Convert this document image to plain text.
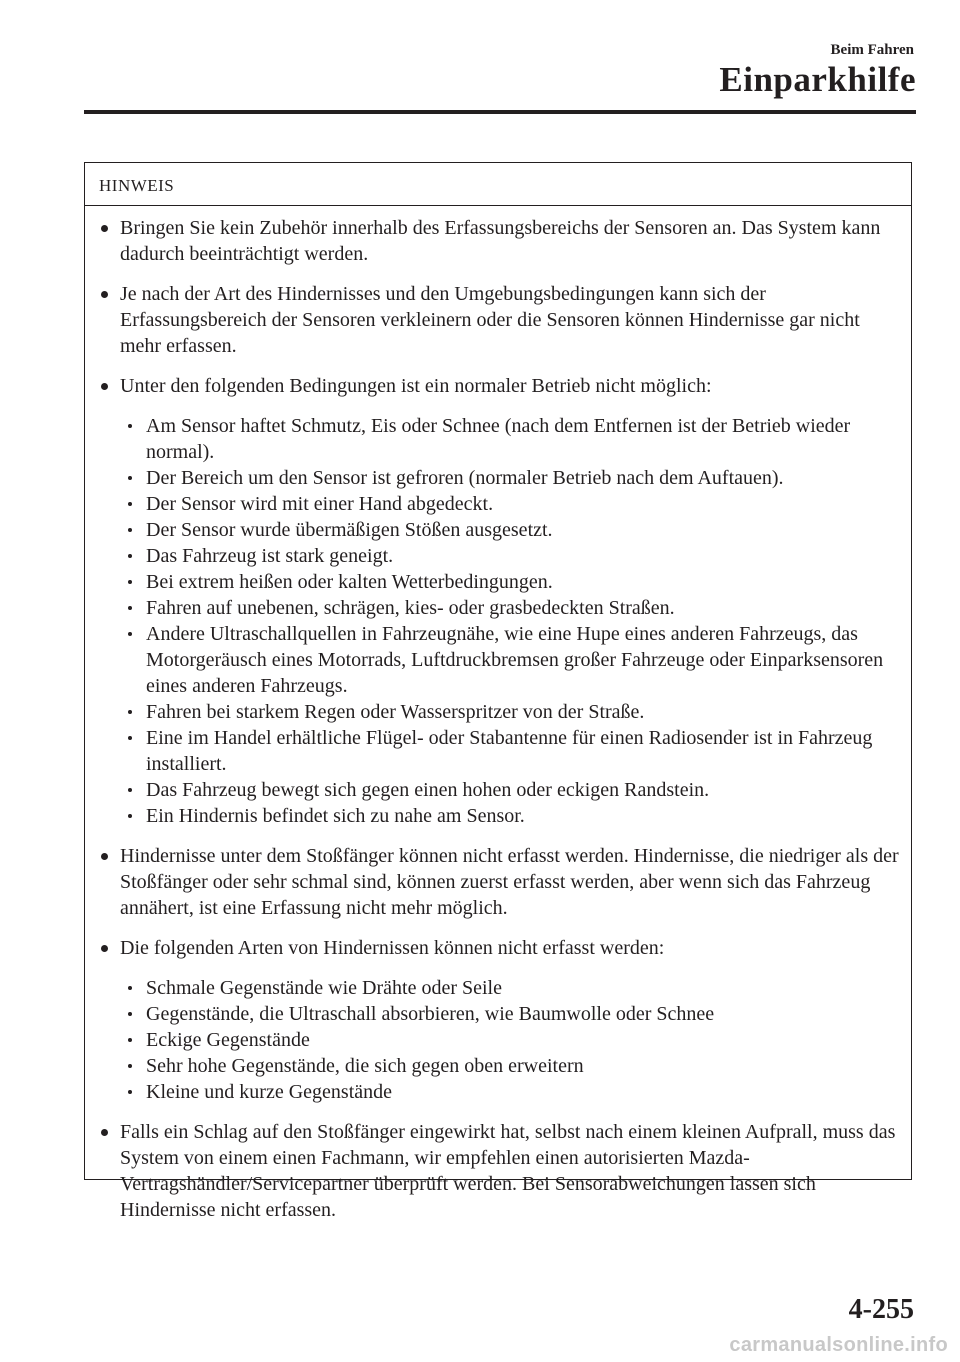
Beim Fahren
Einparkhilfe
HINWEIS
Bringen Sie kein Zubehör innerhalb des Erfassungsbereichs der Sensoren an. Das System kann dadurch beeinträchtigt werden.
Je nach der Art des Hindernisses und den Umgebungsbedingungen kann sich der Erfassungsbereich der Sensoren verkleinern oder die Sensoren können Hindernisse gar nicht mehr erfassen.
Unter den folgenden Bedingungen ist ein normaler Betrieb nicht möglich:
Am Sensor haftet Schmutz, Eis oder Schnee (nach dem Entfernen ist der Betrieb wieder normal).
Der Bereich um den Sensor ist gefroren (normaler Betrieb nach dem Auftauen).
Der Sensor wird mit einer Hand abgedeckt.
Der Sensor wurde übermäßigen Stößen ausgesetzt.
Das Fahrzeug ist stark geneigt.
Bei extrem heißen oder kalten Wetterbedingungen.
Fahren auf unebenen, schrägen, kies- oder grasbedeckten Straßen.
Andere Ultraschallquellen in Fahrzeugnähe, wie eine Hupe eines anderen Fahrzeugs, das Motorgeräusch eines Motorrads, Luftdruckbremsen großer Fahrzeuge oder Einparksensoren eines anderen Fahrzeugs.
Fahren bei starkem Regen oder Wasserspritzer von der Straße.
Eine im Handel erhältliche Flügel- oder Stabantenne für einen Radiosender ist in Fahrzeug installiert.
Das Fahrzeug bewegt sich gegen einen hohen oder eckigen Randstein.
Ein Hindernis befindet sich zu nahe am Sensor.
Hindernisse unter dem Stoßfänger können nicht erfasst werden. Hindernisse, die niedriger als der Stoßfänger oder sehr schmal sind, können zuerst erfasst werden, aber wenn sich das Fahrzeug annähert, ist eine Erfassung nicht mehr möglich.
Die folgenden Arten von Hindernissen können nicht erfasst werden:
Schmale Gegenstände wie Drähte oder Seile
Gegenstände, die Ultraschall absorbieren, wie Baumwolle oder Schnee
Eckige Gegenstände
Sehr hohe Gegenstände, die sich gegen oben erweitern
Kleine und kurze Gegenstände
Falls ein Schlag auf den Stoßfänger eingewirkt hat, selbst nach einem kleinen Aufprall, muss das System von einem einen Fachmann, wir empfehlen einen autorisierten Mazda-Vertragshändler/Servicepartner überprüft werden. Bei Sensorabweichungen lassen sich Hindernisse nicht erfassen.
4-255
carmanualsonline.info
